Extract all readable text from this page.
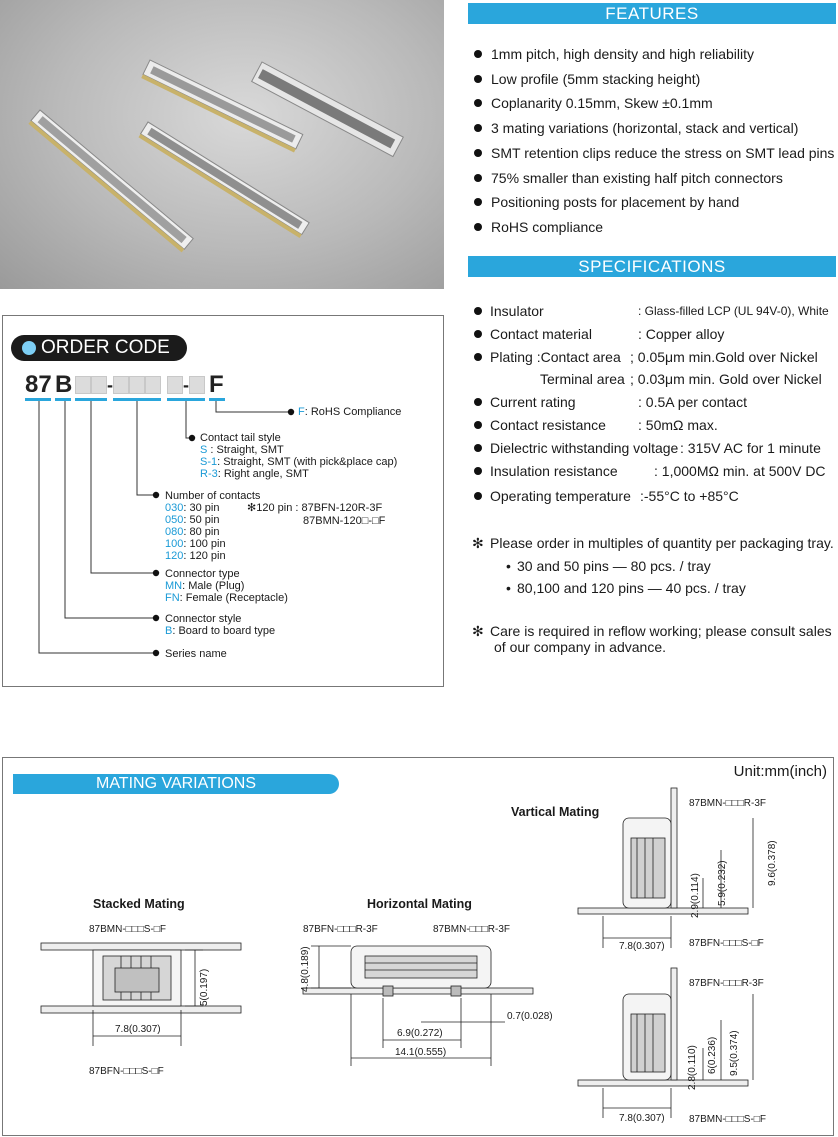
FEATURES
1mm pitch, high density and high reliability
Low profile (5mm stacking height)
Coplanarity 0.15mm, Skew ±0.1mm
3 mating variations (horizontal, stack and vertical)
SMT retention clips reduce the stress on SMT lead pins
75% smaller than existing half pitch connectors
Positioning posts for placement by hand
RoHS compliance
SPECIFICATIONS
Insulator	: Glass-filled LCP (UL 94V-0), White
Contact material	: Copper alloy
Plating :Contact area ; 0.05μm min.Gold over Nickel
Terminal area ; 0.03μm min. Gold over Nickel
Current rating	: 0.5A per contact
Contact resistance : 50mΩ max.
Dielectric withstanding voltage : 315V AC for 1 minute
Insulation resistance	: 1,000MΩ min. at 500V DC
Operating temperature :-55°C to +85°C
✻ Please order in multiples of quantity per packaging tray.
• 30 and 50 pins — 80 pcs. / tray
• 80,100 and 120 pins — 40 pcs. / tray
✻ Care is required in reflow working; please consult sales
of our company in advance.
ORDER CODE
87 B -	- F
F: RoHS Compliance
Contact tail style
S : Straight, SMT
S-1: Straight, SMT (with pick&place cap)
R-3: Right angle, SMT
Number of contacts
030: 30 pin
050: 50 pin
080: 80 pin
100: 100 pin
120: 120 pin
✻120 pin : 87BFN-120R-3F
87BMN-120□-□F
Connector type
MN: Male (Plug)
FN: Female (Receptacle)
Connector style
B: Board to board type
Series name
MATING VARIATIONS
Unit:mm(inch)
Stacked Mating
87BMN-□□□S-□F
87BFN-□□□S-□F
5(0.197)
7.8(0.307)
Horizontal Mating
87BFN-□□□R-3F	87BMN-□□□R-3F
4.8(0.189)
0.7(0.028)
6.9(0.272)
14.1(0.555)
Vartical Mating
87BMN-□□□R-3F
87BFN-□□□S-□F
2.9(0.114) 5.9(0.232)	9.6(0.378)
7.8(0.307)
87BFN-□□□R-3F
87BMN-□□□S-□F
2.8(0.110) 6(0.236) 9.5(0.374)
7.8(0.307)
